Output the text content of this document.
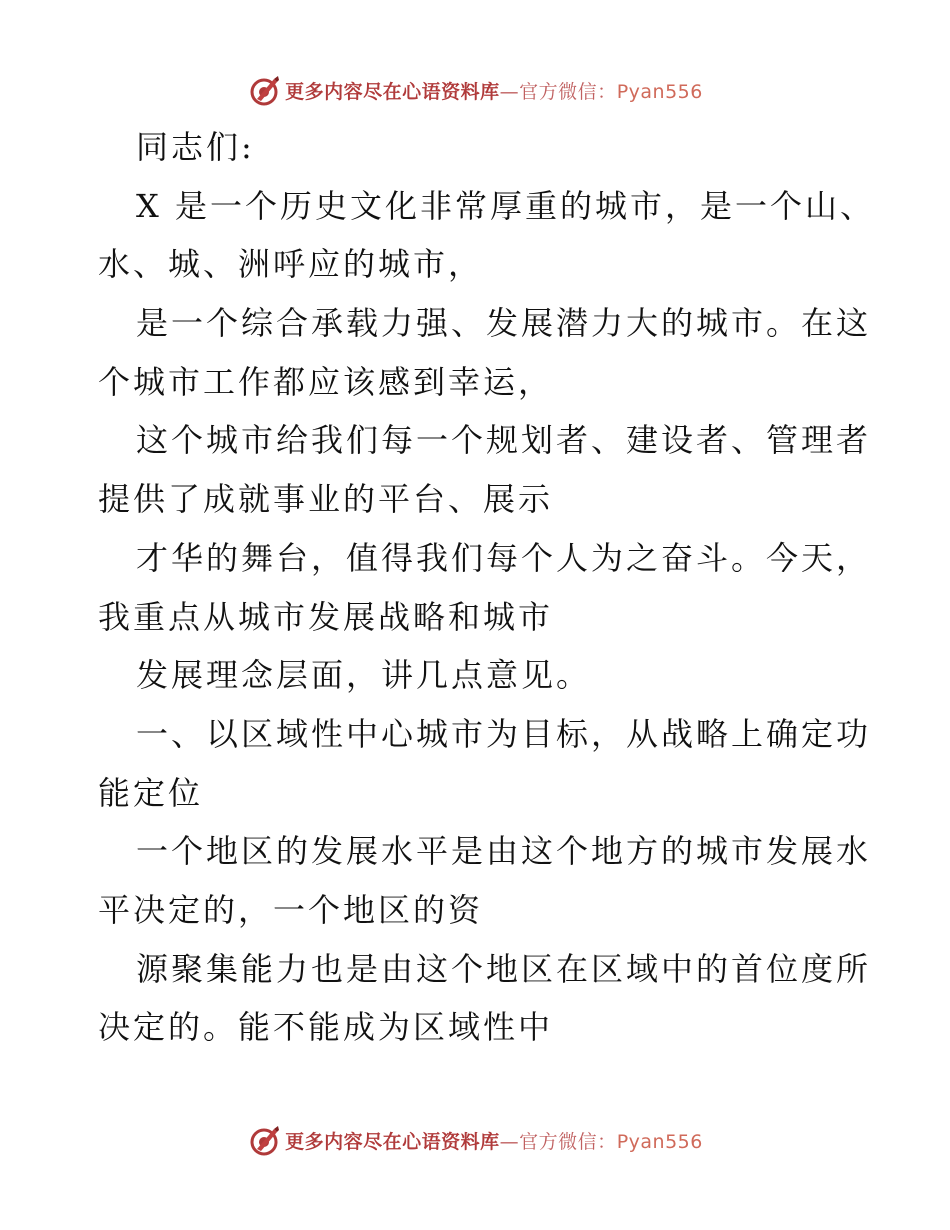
更多内容尽在心语资料库—官方微信：Pyan556
同志们:
X 是一个历史文化非常厚重的城市，是一个山、
水、城、洲呼应的城市，
是一个综合承载力强、发展潜力大的城市。在这
个城市工作都应该感到幸运，
这个城市给我们每一个规划者、建设者、管理者
提供了成就事业的平台、展示
才华的舞台，值得我们每个人为之奋斗。今天，
我重点从城市发展战略和城市
发展理念层面，讲几点意见。
一、以区域性中心城市为目标，从战略上确定功
能定位
一个地区的发展水平是由这个地方的城市发展水
平决定的，一个地区的资
源聚集能力也是由这个地区在区域中的首位度所
决定的。能不能成为区域性中
更多内容尽在心语资料库—官方微信：Pyan556
